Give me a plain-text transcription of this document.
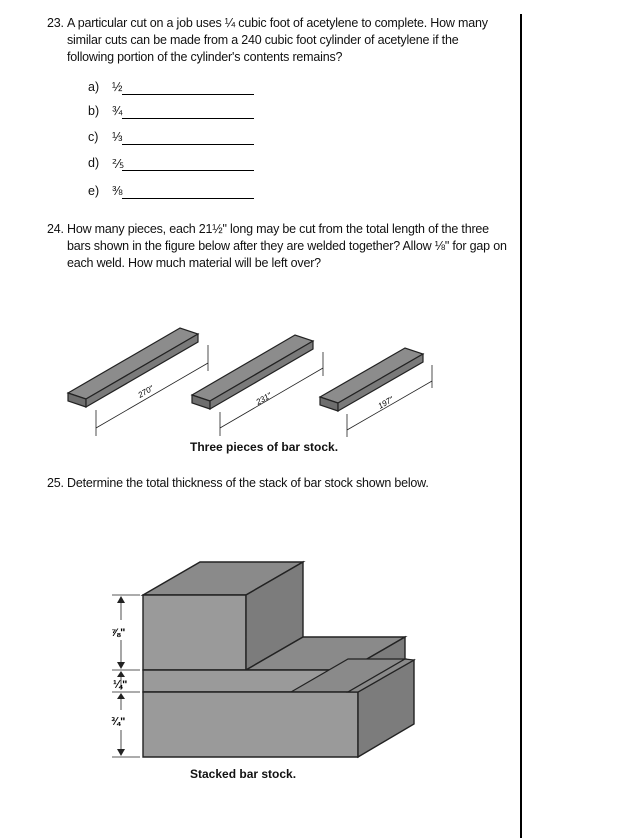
23. A particular cut on a job uses ¼ cubic foot of acetylene to complete. How many similar cuts can be made from a 240 cubic foot cylinder of acetylene if the following portion of the cylinder's contents remains?
a) ½
b) ¾
c) ⅓
d) ⅖
e) ⅜
24. How many pieces, each 21½" long may be cut from the total length of the three bars shown in the figure below after they are welded together? Allow ⅛" for gap on each weld. How much material will be left over?
270"	231"	197"
⅞"
¼"
¾"
Three pieces of bar stock.
25. Determine the total thickness of the stack of bar stock shown below.
Stacked bar stock.
